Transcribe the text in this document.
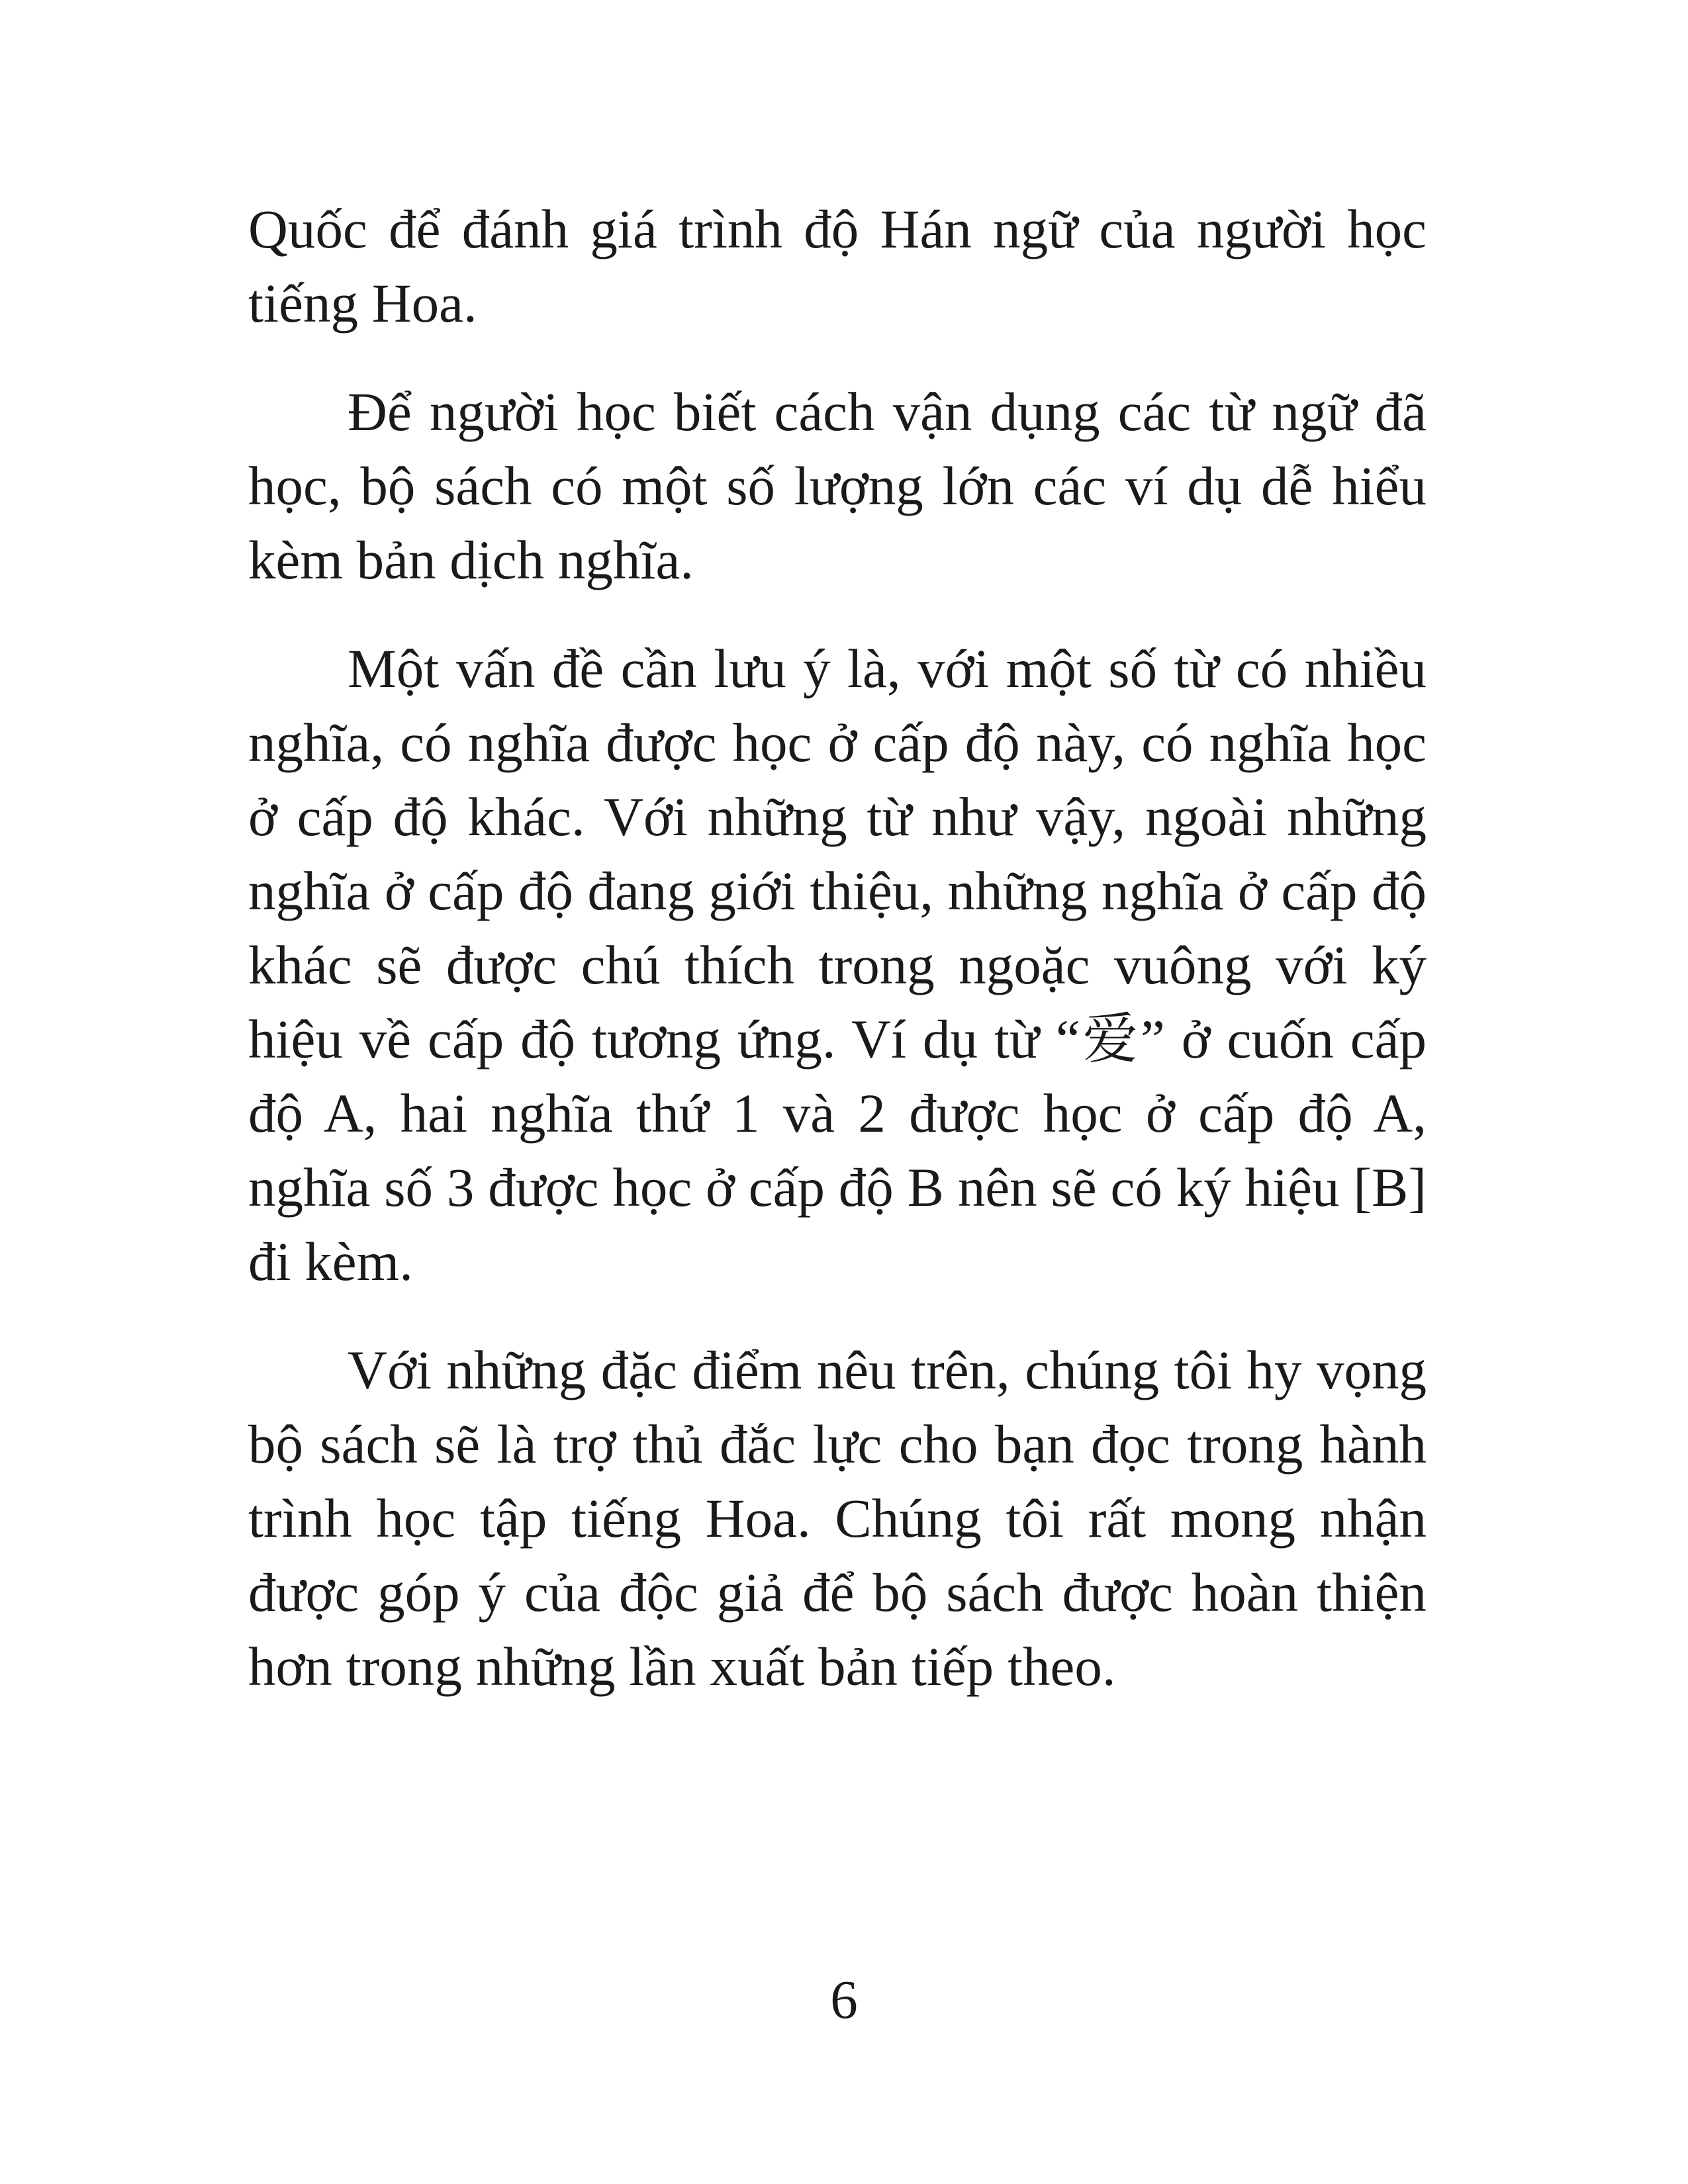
Quốc để đánh giá trình độ Hán ngữ của người học tiếng Hoa.

Để người học biết cách vận dụng các từ ngữ đã học, bộ sách có một số lượng lớn các ví dụ dễ hiểu kèm bản dịch nghĩa.

Một vấn đề cần lưu ý là, với một số từ có nhiều nghĩa, có nghĩa được học ở cấp độ này, có nghĩa học ở cấp độ khác. Với những từ như vậy, ngoài những nghĩa ở cấp độ đang giới thiệu, những nghĩa ở cấp độ khác sẽ được chú thích trong ngoặc vuông với ký hiệu về cấp độ tương ứng. Ví dụ từ “爱” ở cuốn cấp độ A, hai nghĩa thứ 1 và 2 được học ở cấp độ A, nghĩa số 3 được học ở cấp độ B nên sẽ có ký hiệu [B] đi kèm.

Với những đặc điểm nêu trên, chúng tôi hy vọng bộ sách sẽ là trợ thủ đắc lực cho bạn đọc trong hành trình học tập tiếng Hoa. Chúng tôi rất mong nhận được góp ý của độc giả để bộ sách được hoàn thiện hơn trong những lần xuất bản tiếp theo.

6
